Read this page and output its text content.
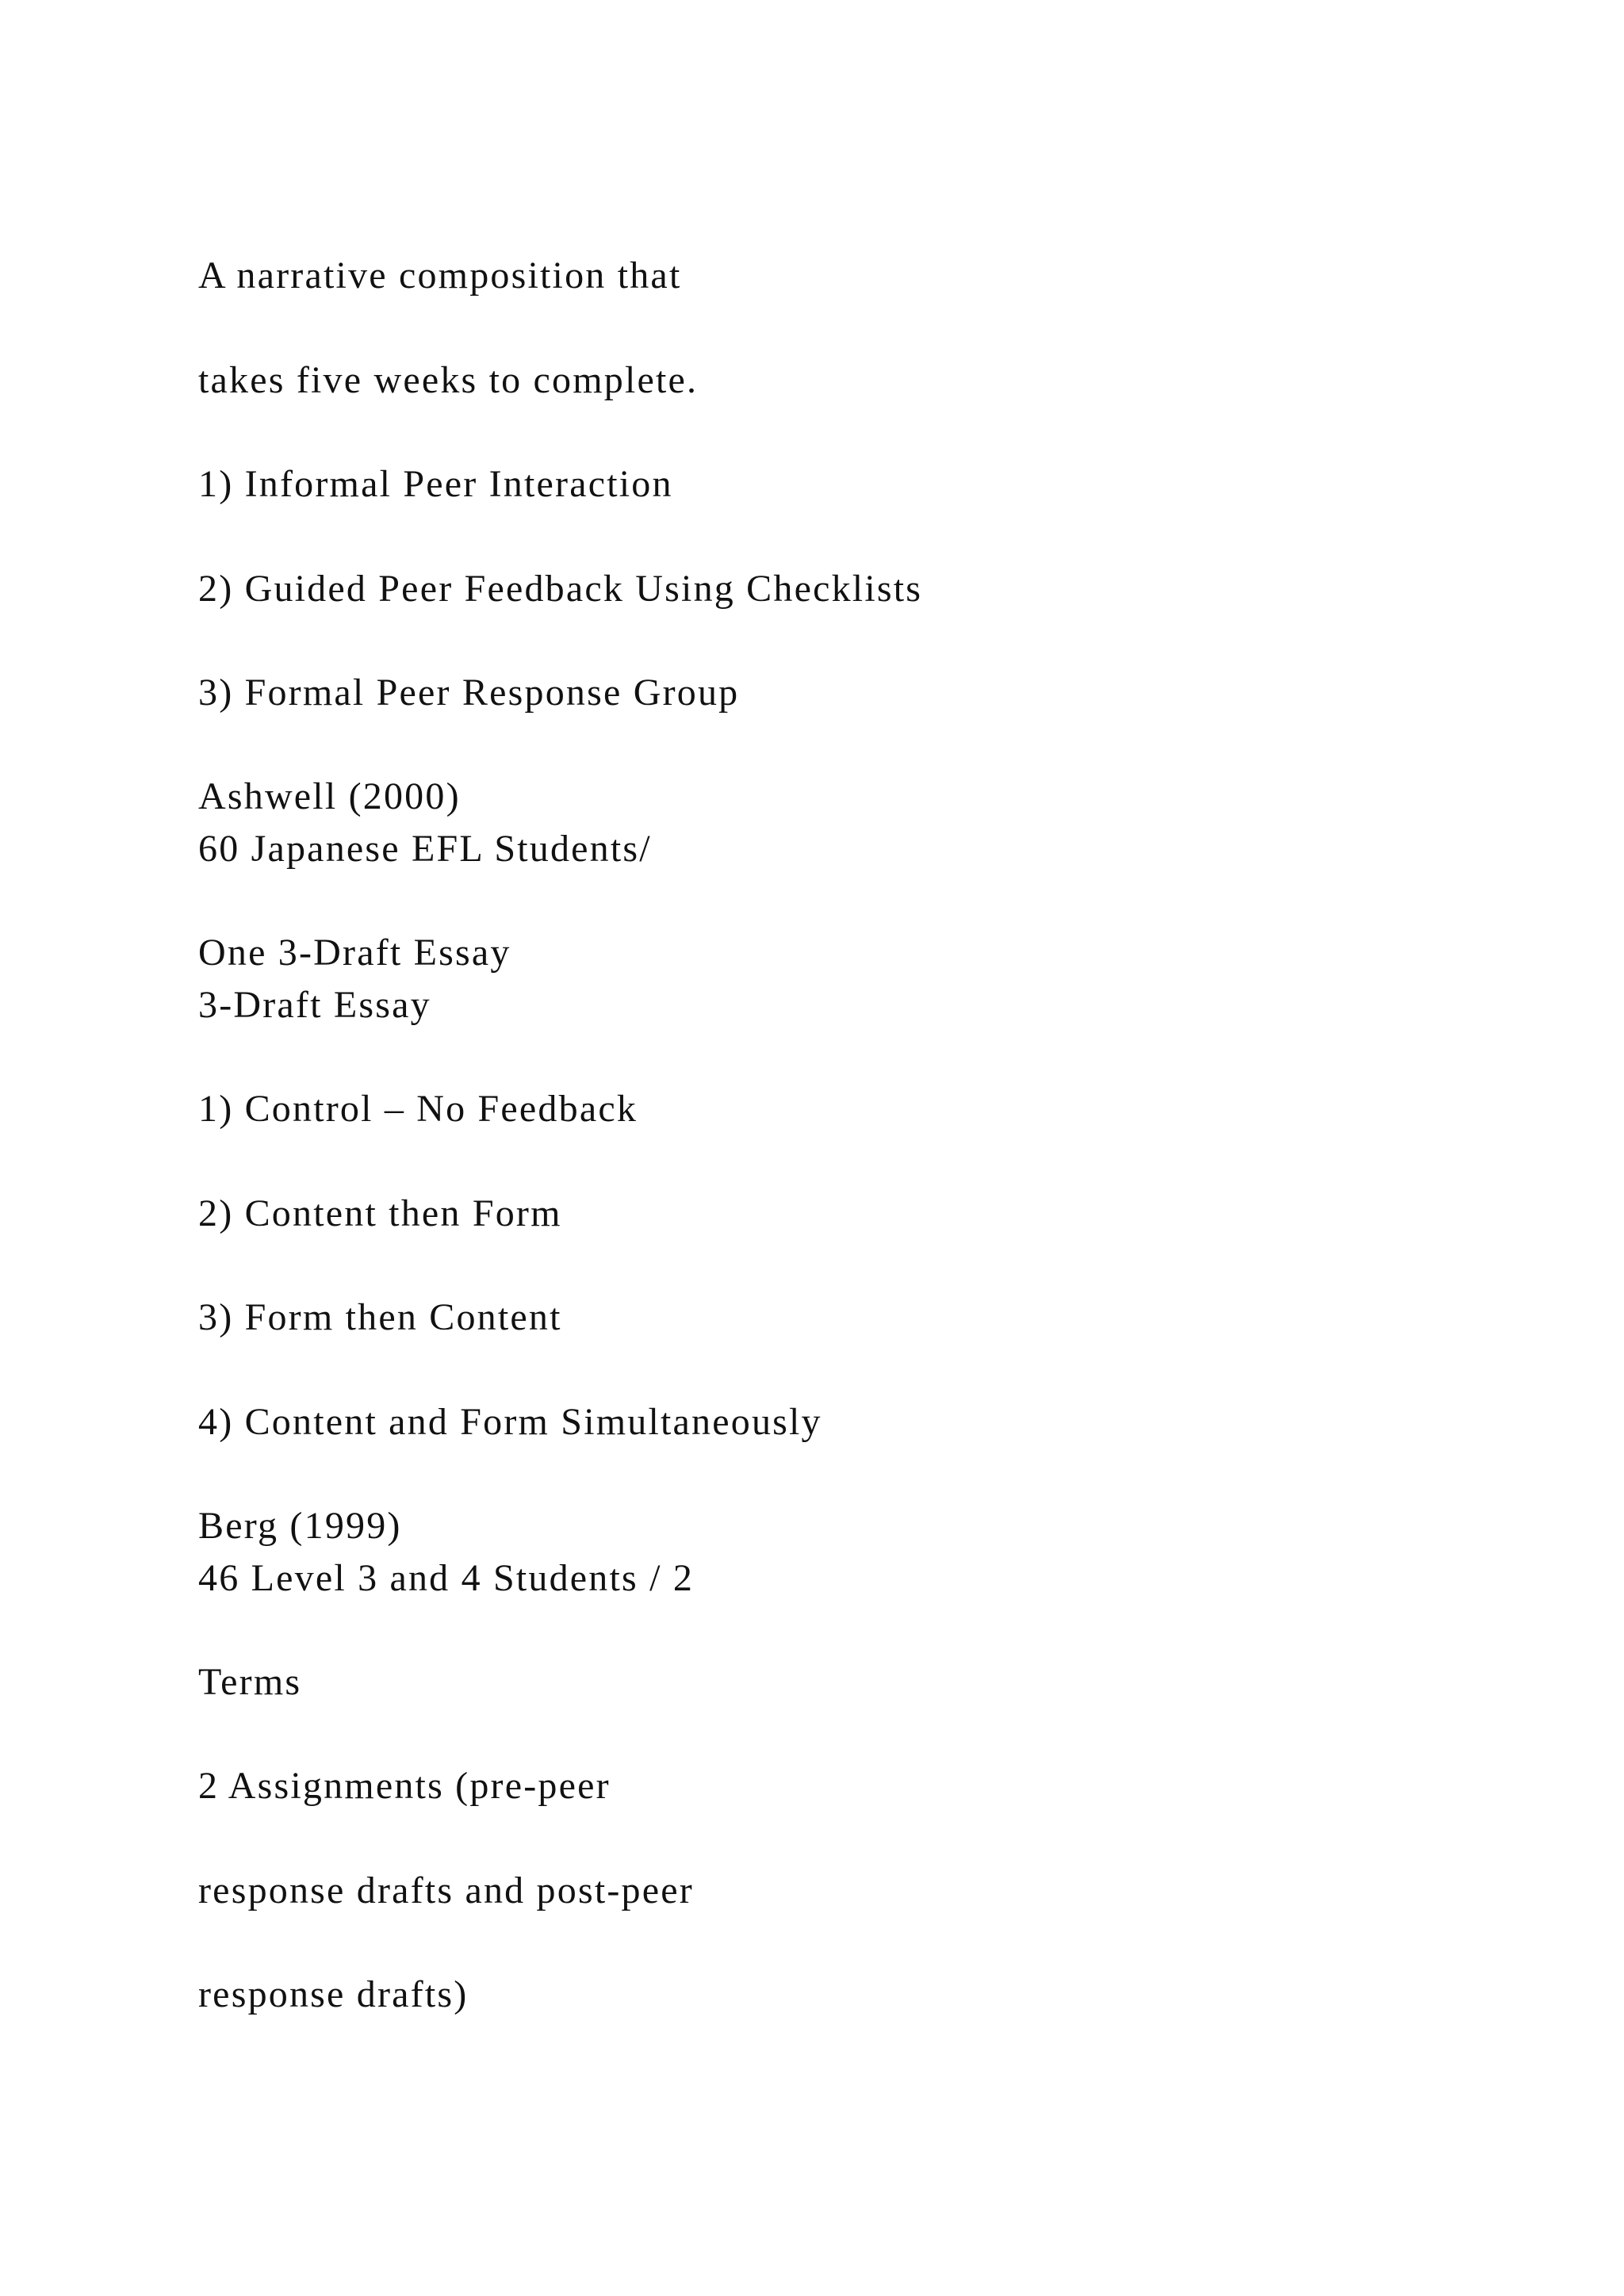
A narrative composition that

takes five weeks to complete.

1) Informal Peer Interaction

2) Guided Peer Feedback Using Checklists

3) Formal Peer Response Group

Ashwell (2000)

60 Japanese EFL Students/

One 3-Draft Essay

3-Draft Essay

1) Control – No Feedback

2) Content then Form

3) Form then Content

4) Content and Form Simultaneously

Berg (1999)

46 Level 3 and 4 Students / 2

Terms

2 Assignments (pre-peer

response drafts and post-peer

response drafts)
